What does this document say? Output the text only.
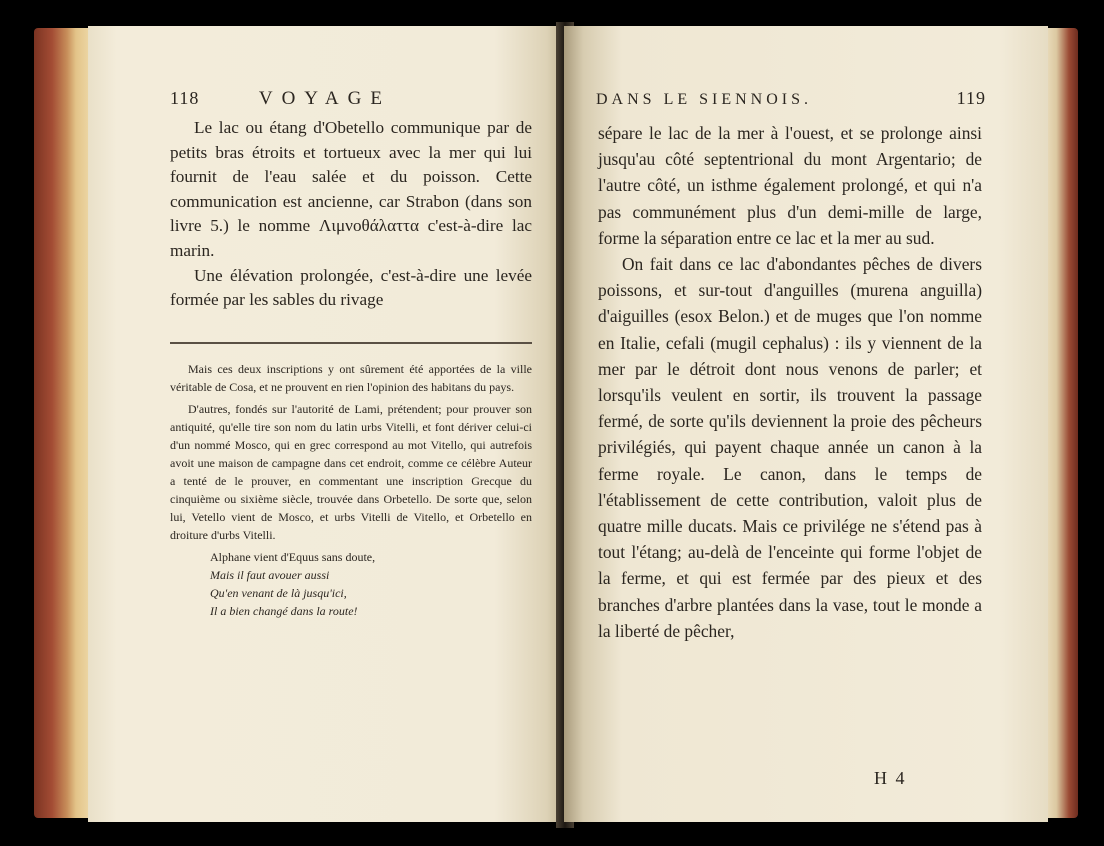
118	VOYAGE

Le lac ou étang d'Obetello communique par de petits bras étroits et tortueux avec la mer qui lui fournit de l'eau salée et du poisson. Cette communication est ancienne, car Strabon (dans son livre 5.) le nomme Λιμνοθάλαττα c'est-à-dire lac marin.

Une élévation prolongée, c'est-à-dire une levée formée par les sables du rivage

Mais ces deux inscriptions y ont sûrement été apportées de la ville véritable de Cosa, et ne prouvent en rien l'opinion des habitans du pays.

D'autres, fondés sur l'autorité de Lami, prétendent; pour prouver son antiquité, qu'elle tire son nom du latin urbs Vitelli, et font dériver celui-ci d'un nommé Mosco, qui en grec correspond au mot Vitello, qui autrefois avoit une maison de campagne dans cet endroit, comme ce célèbre Auteur a tenté de le prouver, en commentant une inscription Grecque du cinquième ou sixième siècle, trouvée dans Orbetello. De sorte que, selon lui, Vetello vient de Mosco, et urbs Vitelli de Vitello, et Orbetello en droiture d'urbs Vitelli.

Alphane vient d'Equus sans doute,
Mais il faut avouer aussi
Qu'en venant de là jusqu'ici,
Il a bien changé dans la route!
DANS LE SIENNOIS.	119

sépare le lac de la mer à l'ouest, et se prolonge ainsi jusqu'au côté septentrional du mont Argentario; de l'autre côté, un isthme également prolongé, et qui n'a pas communément plus d'un demi-mille de large, forme la séparation entre ce lac et la mer au sud.

On fait dans ce lac d'abondantes pêches de divers poissons, et sur-tout d'anguilles (murena anguilla) d'aiguilles (esox Belon.) et de muges que l'on nomme en Italie, cefali (mugil cephalus) : ils y viennent de la mer par le détroit dont nous venons de parler; et lorsqu'ils veulent en sortir, ils trouvent la passage fermé, de sorte qu'ils deviennent la proie des pêcheurs privilégiés, qui payent chaque année un canon à la ferme royale. Le canon, dans le temps de l'établissement de cette contribution, valoit plus de quatre mille ducats. Mais ce privilége ne s'étend pas à tout l'étang; au-delà de l'enceinte qui forme l'objet de la ferme, et qui est fermée par des pieux et des branches d'arbre plantées dans la vase, tout le monde a la liberté de pêcher,

H 4
